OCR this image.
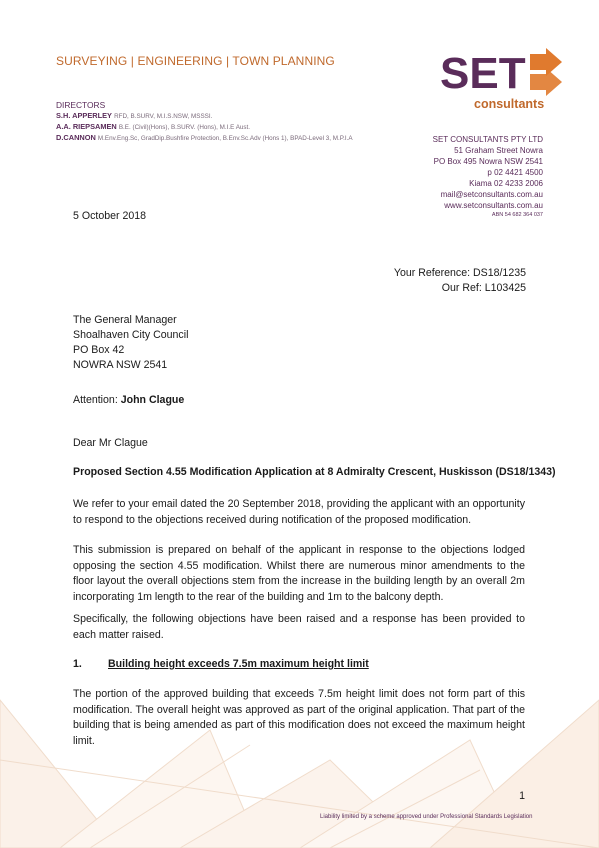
SURVEYING | ENGINEERING | TOWN PLANNING
DIRECTORS
S.H. APPERLEY RFD, B.SURV, M.I.S.NSW, MSSSI.
A.A. RIEPSAMEN B.E. (Civil)(Hons), B.SURV. (Hons), M.I.E Aust.
D.CANNON M.Env.Eng.Sc, GradDip.Bushfire Protection, B.Env.Sc.Adv (Hons 1), BPAD-Level 3, M.P.I.A
SET
consultants
SET CONSULTANTS PTY LTD
51 Graham Street Nowra
PO Box 495 Nowra NSW 2541
p 02 4421 4500
Kiama 02 4233 2006
mail@setconsultants.com.au
www.setconsultants.com.au
ABN 54 682 364 037
5 October 2018
Your Reference: DS18/1235
Our Ref: L103425
The General Manager
Shoalhaven City Council
PO Box 42
NOWRA NSW 2541
Attention: John Clague
Dear Mr Clague
Proposed Section 4.55 Modification Application at 8 Admiralty Crescent, Huskisson (DS18/1343)
We refer to your email dated the 20 September 2018, providing the applicant with an opportunity to respond to the objections received during notification of the proposed modification.
This submission is prepared on behalf of the applicant in response to the objections lodged opposing the section 4.55 modification. Whilst there are numerous minor amendments to the floor layout the overall objections stem from the increase in the building length by an overall 2m incorporating 1m length to the rear of the building and 1m to the balcony depth.
Specifically, the following objections have been raised and a response has been provided to each matter raised.
1. Building height exceeds 7.5m maximum height limit
The portion of the approved building that exceeds 7.5m height limit does not form part of this modification. The overall height was approved as part of the original application. That part of the building that is being amended as part of this modification does not exceed the maximum height limit.
1
Liability limited by a scheme approved under Professional Standards Legislation
